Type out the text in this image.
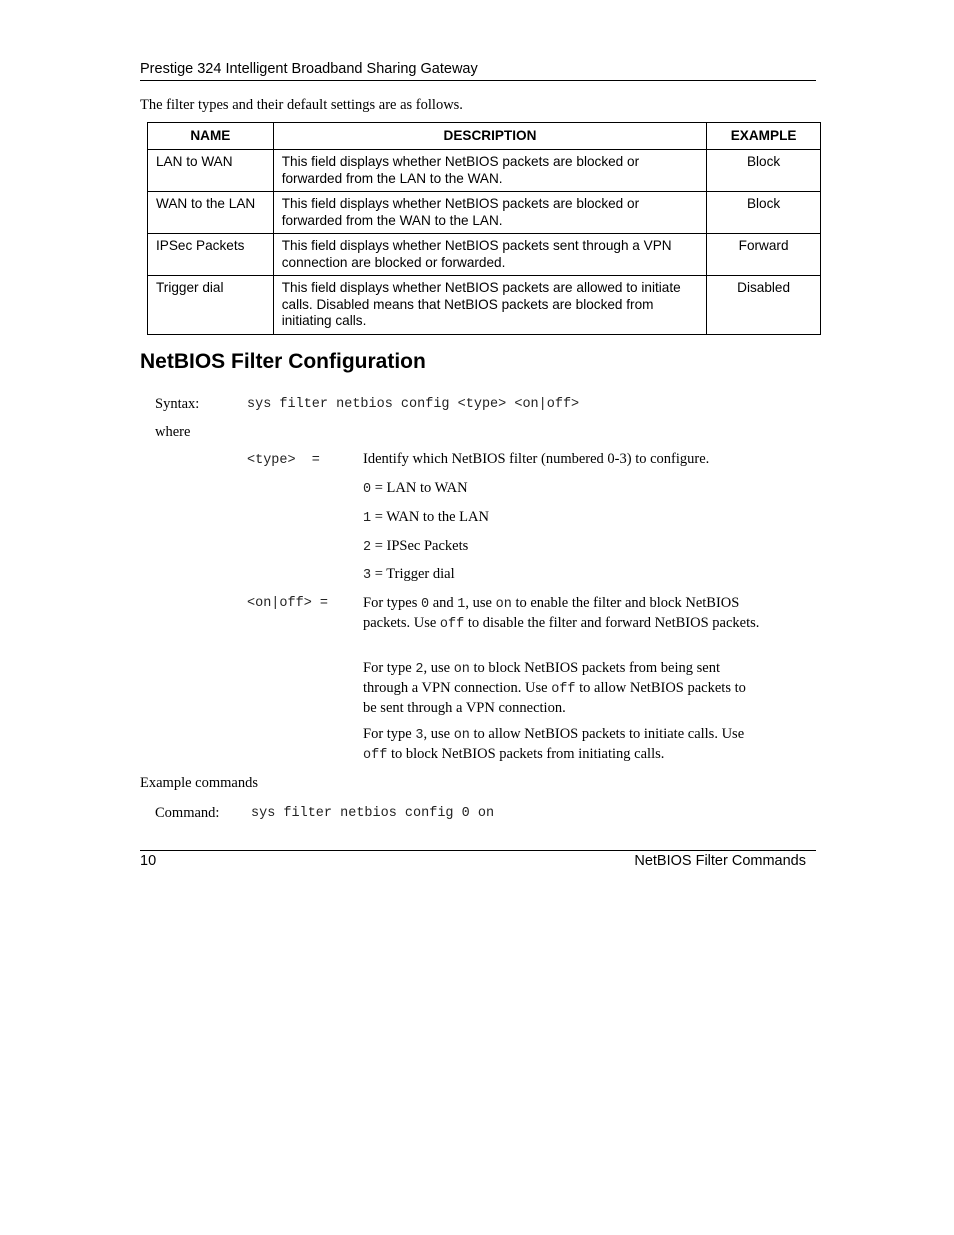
Prestige 324 Intelligent Broadband Sharing Gateway
The filter types and their default settings are as follows.
NAME	DESCRIPTION	EXAMPLE
LAN to WAN	This field displays whether NetBIOS packets are blocked or forwarded from the LAN to the WAN.	Block
WAN to the LAN	This field displays whether NetBIOS packets are blocked or forwarded from the WAN to the LAN.	Block
IPSec Packets	This field displays whether NetBIOS packets sent through a VPN connection are blocked or forwarded.	Forward
Trigger dial	This field displays whether NetBIOS packets are allowed to initiate calls. Disabled means that NetBIOS packets are blocked from initiating calls.	Disabled
NetBIOS Filter Configuration
Syntax:	sys filter netbios config <type> <on|off>
where
<type>  =	Identify which NetBIOS filter (numbered 0-3) to configure.
0 = LAN to WAN
1 = WAN to the LAN
2 = IPSec Packets
3 = Trigger dial
<on|off> = For types 0 and 1, use on to enable the filter and block NetBIOS packets. Use off to disable the filter and forward NetBIOS packets.
For type 2, use on to block NetBIOS packets from being sent through a VPN connection. Use off to allow NetBIOS packets to be sent through a VPN connection.
For type 3, use on to allow NetBIOS packets to initiate calls. Use off to block NetBIOS packets from initiating calls.
Example commands
Command: sys filter netbios config 0 on
10	NetBIOS Filter Commands
